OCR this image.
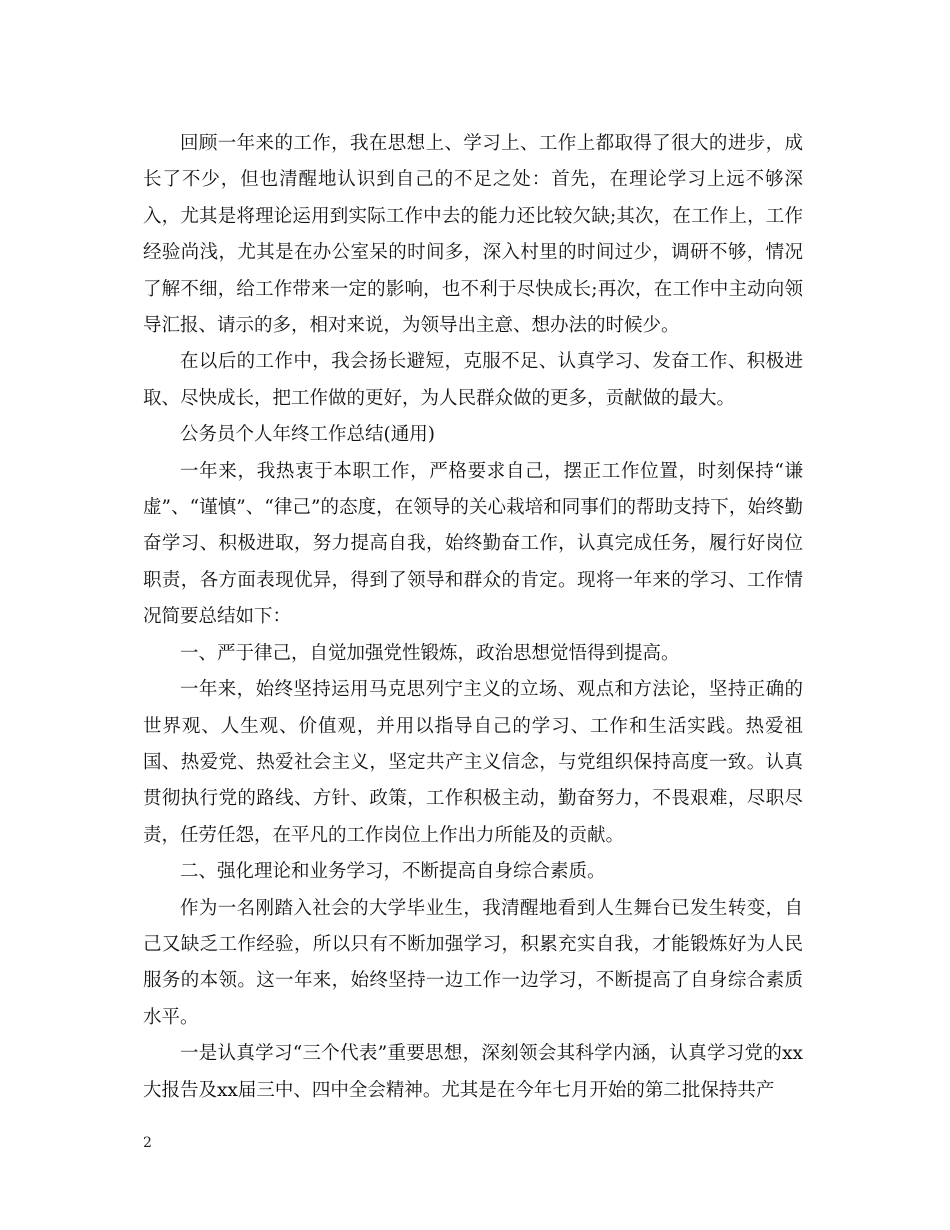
回顾一年来的工作，我在思想上、学习上、工作上都取得了很大的进步，成长了不少，但也清醒地认识到自己的不足之处：首先，在理论学习上远不够深入，尤其是将理论运用到实际工作中去的能力还比较欠缺;其次，在工作上，工作经验尚浅，尤其是在办公室呆的时间多，深入村里的时间过少，调研不够，情况了解不细，给工作带来一定的影响，也不利于尽快成长;再次，在工作中主动向领导汇报、请示的多，相对来说，为领导出主意、想办法的时候少。

在以后的工作中，我会扬长避短，克服不足、认真学习、发奋工作、积极进取、尽快成长，把工作做的更好，为人民群众做的更多，贡献做的最大。

公务员个人年终工作总结(通用)

一年来，我热衷于本职工作，严格要求自己，摆正工作位置，时刻保持“谦虚”、“谨慎”、“律己”的态度，在领导的关心栽培和同事们的帮助支持下，始终勤奋学习、积极进取，努力提高自我，始终勤奋工作，认真完成任务，履行好岗位职责，各方面表现优异，得到了领导和群众的肯定。现将一年来的学习、工作情况简要总结如下：

一、严于律己，自觉加强党性锻炼，政治思想觉悟得到提高。

一年来，始终坚持运用马克思列宁主义的立场、观点和方法论，坚持正确的世界观、人生观、价值观，并用以指导自己的学习、工作和生活实践。热爱祖国、热爱党、热爱社会主义，坚定共产主义信念，与党组织保持高度一致。认真贯彻执行党的路线、方针、政策，工作积极主动，勤奋努力，不畏艰难，尽职尽责，任劳任怨，在平凡的工作岗位上作出力所能及的贡献。

二、强化理论和业务学习，不断提高自身综合素质。

作为一名刚踏入社会的大学毕业生，我清醒地看到人生舞台已发生转变，自己又缺乏工作经验，所以只有不断加强学习，积累充实自我，才能锻炼好为人民服务的本领。这一年来，始终坚持一边工作一边学习，不断提高了自身综合素质水平。

一是认真学习“三个代表”重要思想，深刻领会其科学内涵，认真学习党的xx大报告及xx届三中、四中全会精神。尤其是在今年七月开始的第二批保持共产

2
